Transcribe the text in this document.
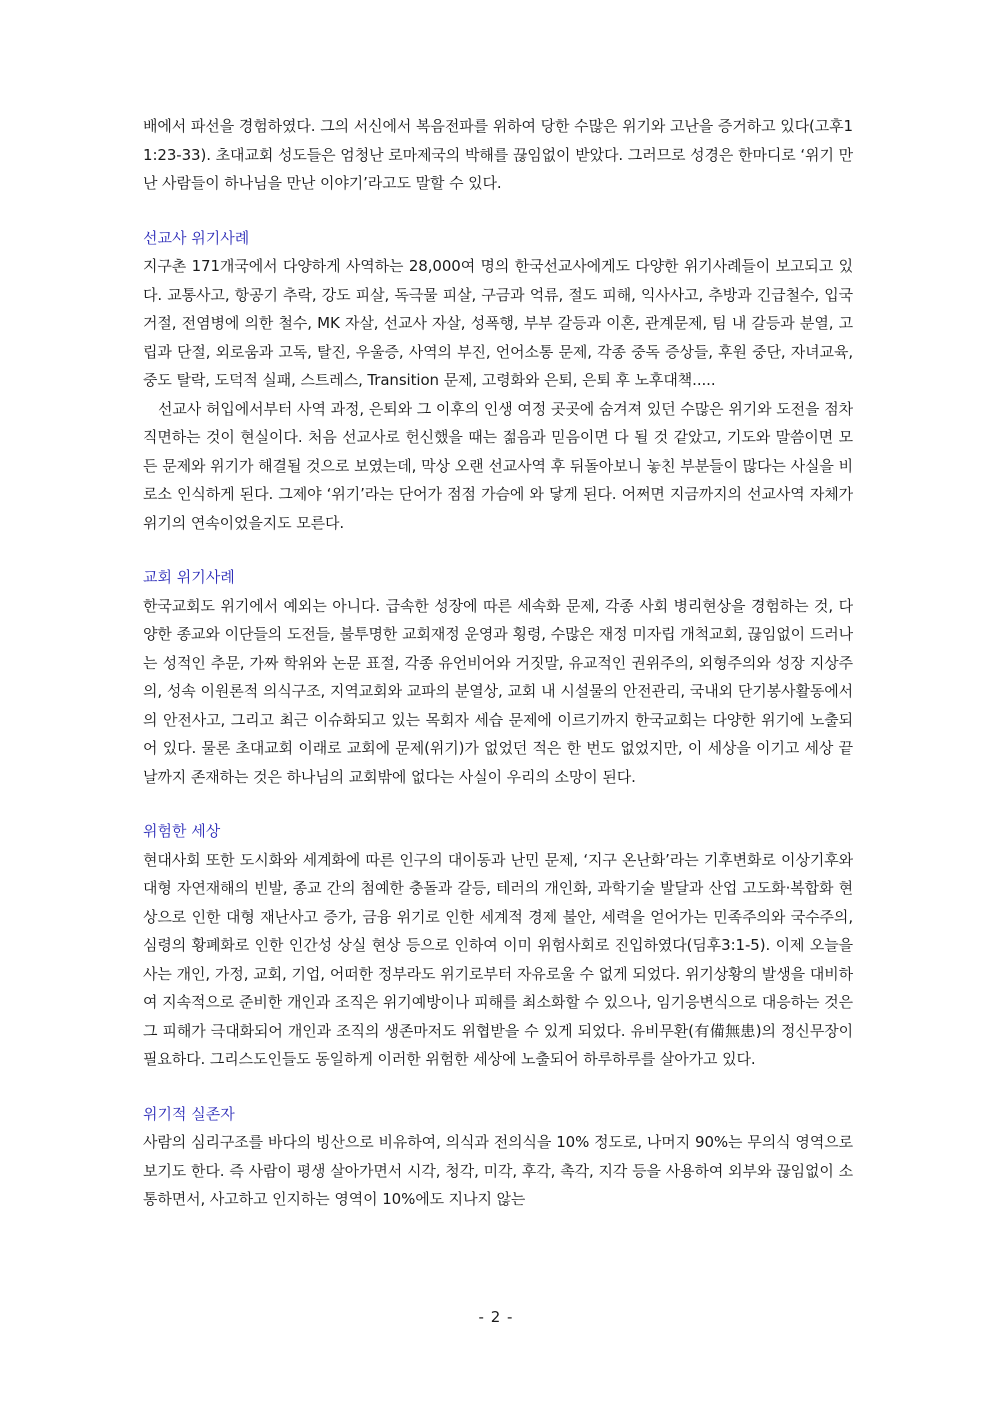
배에서 파선을 경험하였다. 그의 서신에서 복음전파를 위하여 당한 수많은 위기와 고난을 증거하고 있다(고후11:23-33). 초대교회 성도들은 엄청난 로마제국의 박해를 끊임없이 받았다. 그러므로 성경은 한마디로 ‘위기 만난 사람들이 하나님을 만난 이야기’라고도 말할 수 있다.

선교사 위기사례

지구촌 171개국에서 다양하게 사역하는 28,000여 명의 한국선교사에게도 다양한 위기사례들이 보고되고 있다. 교통사고, 항공기 추락, 강도 피살, 독극물 피살, 구금과 억류, 절도 피해, 익사사고, 추방과 긴급철수, 입국 거절, 전염병에 의한 철수, MK 자살, 선교사 자살, 성폭행, 부부 갈등과 이혼, 관계문제, 팀 내 갈등과 분열, 고립과 단절, 외로움과 고독, 탈진, 우울증, 사역의 부진, 언어소통 문제, 각종 중독 증상들, 후원 중단, 자녀교육, 중도 탈락, 도덕적 실패, 스트레스, Transition 문제, 고령화와 은퇴, 은퇴 후 노후대책.....

선교사 허입에서부터 사역 과정, 은퇴와 그 이후의 인생 여정 곳곳에 숨겨져 있던 수많은 위기와 도전을 점차 직면하는 것이 현실이다. 처음 선교사로 헌신했을 때는 젊음과 믿음이면 다 될 것 같았고, 기도와 말씀이면 모든 문제와 위기가 해결될 것으로 보였는데, 막상 오랜 선교사역 후 뒤돌아보니 놓친 부분들이 많다는 사실을 비로소 인식하게 된다. 그제야 ‘위기’라는 단어가 점점 가슴에 와 닿게 된다. 어쩌면 지금까지의 선교사역 자체가 위기의 연속이었을지도 모른다.

교회 위기사례

한국교회도 위기에서 예외는 아니다. 급속한 성장에 따른 세속화 문제, 각종 사회 병리현상을 경험하는 것, 다양한 종교와 이단들의 도전들, 불투명한 교회재정 운영과 횡령, 수많은 재정 미자립 개척교회, 끊임없이 드러나는 성적인 추문, 가짜 학위와 논문 표절, 각종 유언비어와 거짓말, 유교적인 권위주의, 외형주의와 성장 지상주의, 성속 이원론적 의식구조, 지역교회와 교파의 분열상, 교회 내 시설물의 안전관리, 국내외 단기봉사활동에서의 안전사고, 그리고 최근 이슈화되고 있는 목회자 세습 문제에 이르기까지 한국교회는 다양한 위기에 노출되어 있다. 물론 초대교회 이래로 교회에 문제(위기)가 없었던 적은 한 번도 없었지만, 이 세상을 이기고 세상 끝 날까지 존재하는 것은 하나님의 교회밖에 없다는 사실이 우리의 소망이 된다.

위험한 세상

현대사회 또한 도시화와 세계화에 따른 인구의 대이동과 난민 문제, ‘지구 온난화’라는 기후변화로 이상기후와 대형 자연재해의 빈발, 종교 간의 첨예한 충돌과 갈등, 테러의 개인화, 과학기술 발달과 산업 고도화·복합화 현상으로 인한 대형 재난사고 증가, 금융 위기로 인한 세계적 경제 불안, 세력을 얻어가는 민족주의와 국수주의, 심령의 황폐화로 인한 인간성 상실 현상 등으로 인하여 이미 위험사회로 진입하였다(딤후3:1-5). 이제 오늘을 사는 개인, 가정, 교회, 기업, 어떠한 정부라도 위기로부터 자유로울 수 없게 되었다. 위기상황의 발생을 대비하여 지속적으로 준비한 개인과 조직은 위기예방이나 피해를 최소화할 수 있으나, 임기응변식으로 대응하는 것은 그 피해가 극대화되어 개인과 조직의 생존마저도 위협받을 수 있게 되었다. 유비무환(有備無患)의 정신무장이 필요하다. 그리스도인들도 동일하게 이러한 위험한 세상에 노출되어 하루하루를 살아가고 있다.

위기적 실존자

사람의 심리구조를 바다의 빙산으로 비유하여, 의식과 전의식을 10% 정도로, 나머지 90%는 무의식 영역으로 보기도 한다. 즉 사람이 평생 살아가면서 시각, 청각, 미각, 후각, 촉각, 지각 등을 사용하여 외부와 끊임없이 소통하면서, 사고하고 인지하는 영역이 10%에도 지나지 않는

- 2 -
